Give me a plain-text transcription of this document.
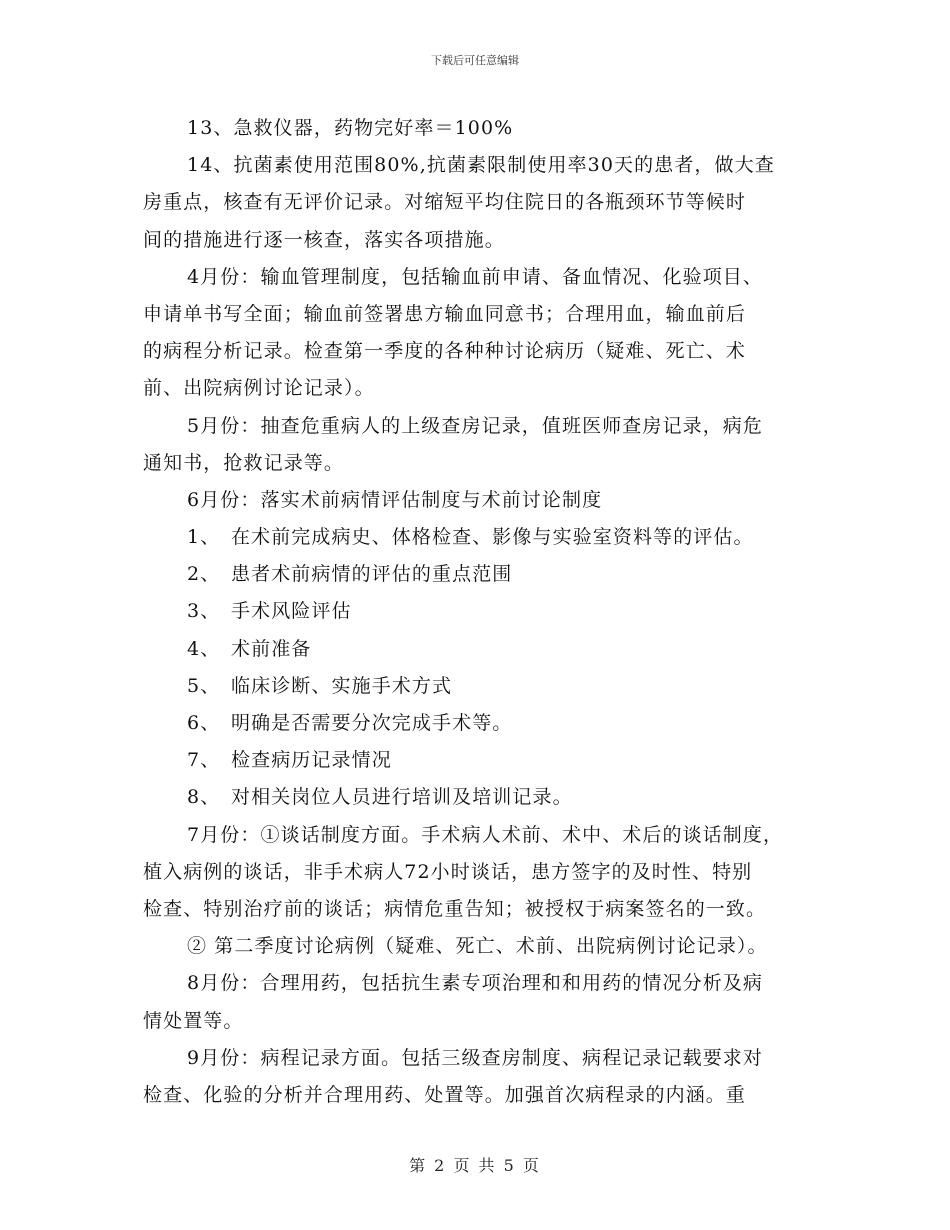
下载后可任意编辑
13、急救仪器，药物完好率＝100%
14、抗菌素使用范围80%,抗菌素限制使用率30天的患者，做大查
房重点，核查有无评价记录。对缩短平均住院日的各瓶颈环节等候时
间的措施进行逐一核查，落实各项措施。
4月份：输血管理制度，包括输血前申请、备血情况、化验项目、
申请单书写全面；输血前签署患方输血同意书；合理用血，输血前后
的病程分析记录。检查第一季度的各种种讨论病历（疑难、死亡、术
前、出院病例讨论记录）。
5月份：抽查危重病人的上级查房记录，值班医师查房记录，病危
通知书，抢救记录等。
6月份：落实术前病情评估制度与术前讨论制度
1、 在术前完成病史、体格检查、影像与实验室资料等的评估。
2、 患者术前病情的评估的重点范围
3、 手术风险评估
4、 术前准备
5、 临床诊断、实施手术方式
6、 明确是否需要分次完成手术等。
7、 检查病历记录情况
8、 对相关岗位人员进行培训及培训记录。
7月份：①谈话制度方面。手术病人术前、术中、术后的谈话制度，
植入病例的谈话，非手术病人72小时谈话，患方签字的及时性、特别
检查、特别治疗前的谈话；病情危重告知；被授权于病案签名的一致。
② 第二季度讨论病例（疑难、死亡、术前、出院病例讨论记录）。
8月份：合理用药，包括抗生素专项治理和和用药的情况分析及病
情处置等。
9月份：病程记录方面。包括三级查房制度、病程记录记载要求对
检查、化验的分析并合理用药、处置等。加强首次病程录的内涵。重
第 2 页 共 5 页
